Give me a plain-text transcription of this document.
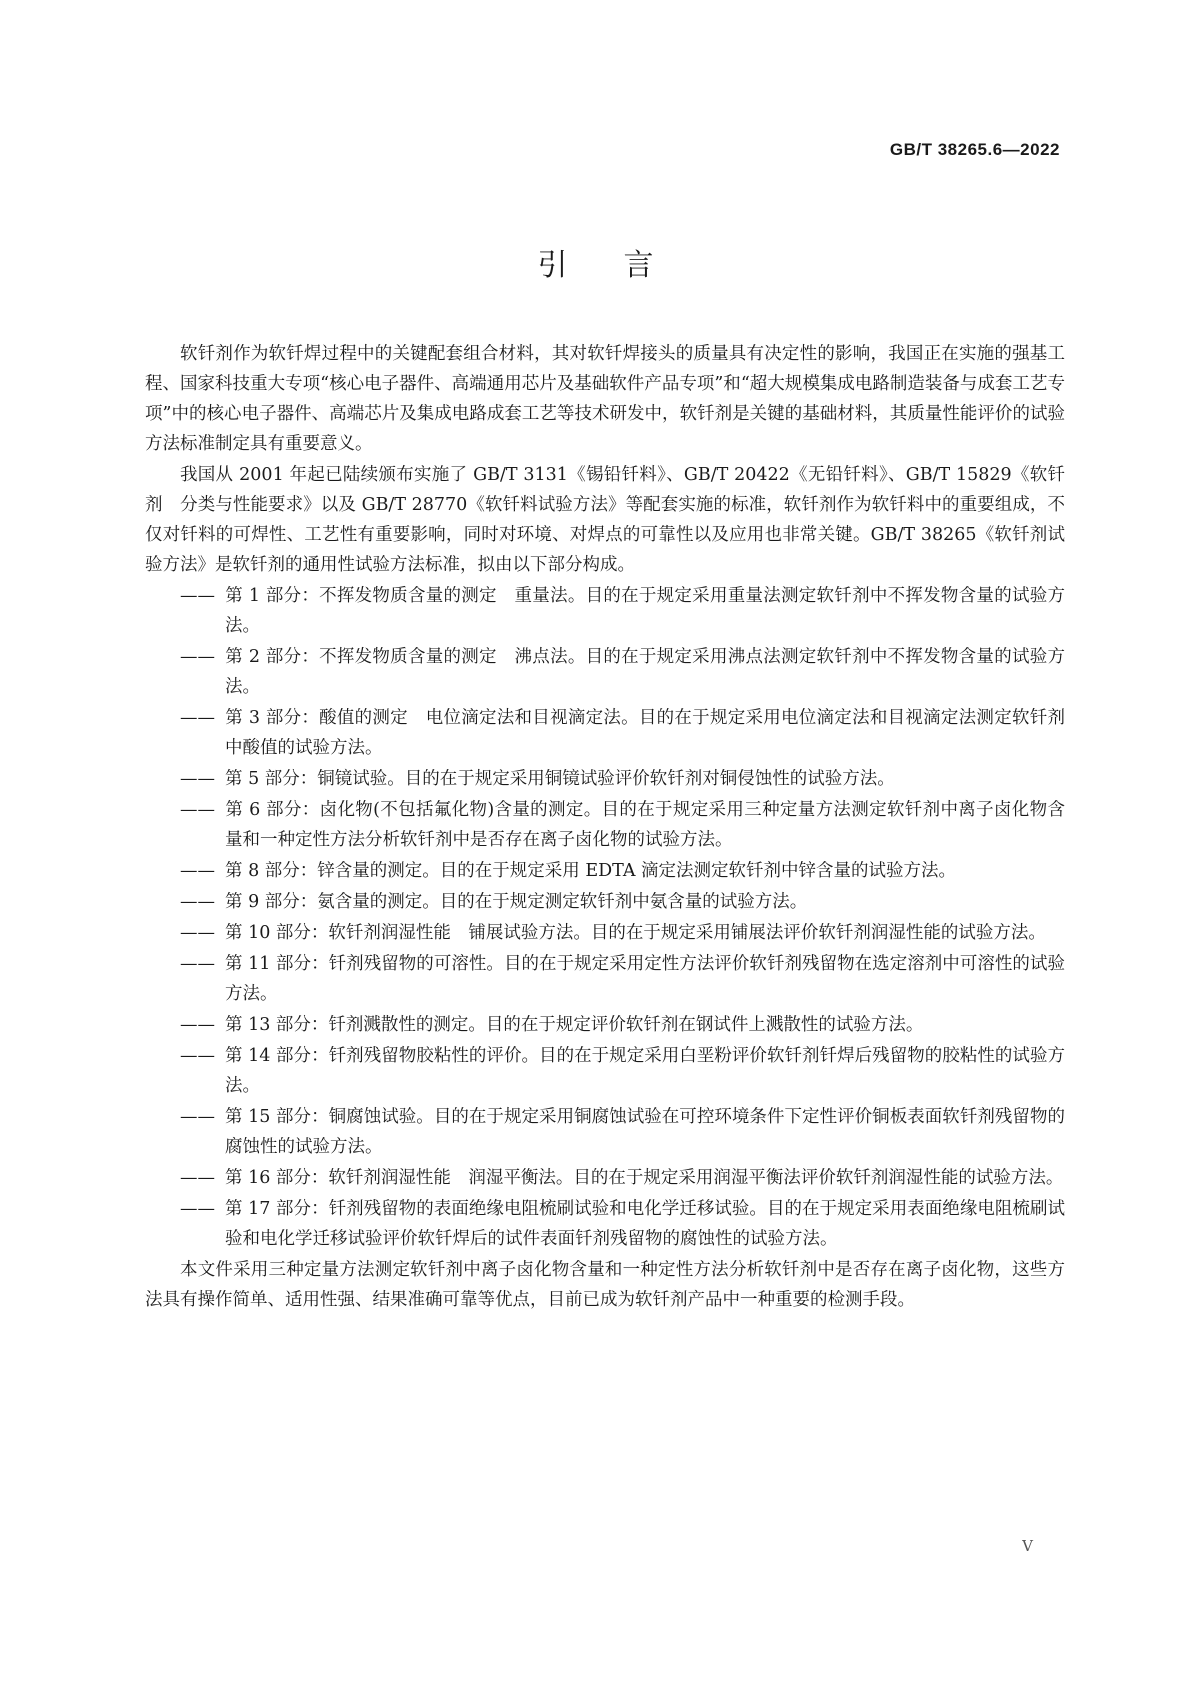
GB/T 38265.6—2022
引言

软钎剂作为软钎焊过程中的关键配套组合材料，其对软钎焊接头的质量具有决定性的影响，我国正在实施的强基工程、国家科技重大专项“核心电子器件、高端通用芯片及基础软件产品专项”和“超大规模集成电路制造装备与成套工艺专项”中的核心电子器件、高端芯片及集成电路成套工艺等技术研发中，软钎剂是关键的基础材料，其质量性能评价的试验方法标准制定具有重要意义。

我国从 2001 年起已陆续颁布实施了 GB/T 3131《锡铅钎料》、GB/T 20422《无铅钎料》、GB/T 15829《软钎剂　分类与性能要求》以及 GB/T 28770《软钎料试验方法》等配套实施的标准，软钎剂作为软钎料中的重要组成，不仅对钎料的可焊性、工艺性有重要影响，同时对环境、对焊点的可靠性以及应用也非常关键。GB/T 38265《软钎剂试验方法》是软钎剂的通用性试验方法标准，拟由以下部分构成。

—— 第 1 部分：不挥发物质含量的测定　重量法。目的在于规定采用重量法测定软钎剂中不挥发物含量的试验方法。
—— 第 2 部分：不挥发物质含量的测定　沸点法。目的在于规定采用沸点法测定软钎剂中不挥发物含量的试验方法。
—— 第 3 部分：酸值的测定　电位滴定法和目视滴定法。目的在于规定采用电位滴定法和目视滴定法测定软钎剂中酸值的试验方法。
—— 第 5 部分：铜镜试验。目的在于规定采用铜镜试验评价软钎剂对铜侵蚀性的试验方法。
—— 第 6 部分：卤化物(不包括氟化物)含量的测定。目的在于规定采用三种定量方法测定软钎剂中离子卤化物含量和一种定性方法分析软钎剂中是否存在离子卤化物的试验方法。
—— 第 8 部分：锌含量的测定。目的在于规定采用 EDTA 滴定法测定软钎剂中锌含量的试验方法。
—— 第 9 部分：氨含量的测定。目的在于规定测定软钎剂中氨含量的试验方法。
—— 第 10 部分：软钎剂润湿性能　铺展试验方法。目的在于规定采用铺展法评价软钎剂润湿性能的试验方法。
—— 第 11 部分：钎剂残留物的可溶性。目的在于规定采用定性方法评价软钎剂残留物在选定溶剂中可溶性的试验方法。
—— 第 13 部分：钎剂溅散性的测定。目的在于规定评价软钎剂在钢试件上溅散性的试验方法。
—— 第 14 部分：钎剂残留物胶粘性的评价。目的在于规定采用白垩粉评价软钎剂钎焊后残留物的胶粘性的试验方法。
—— 第 15 部分：铜腐蚀试验。目的在于规定采用铜腐蚀试验在可控环境条件下定性评价铜板表面软钎剂残留物的腐蚀性的试验方法。
—— 第 16 部分：软钎剂润湿性能　润湿平衡法。目的在于规定采用润湿平衡法评价软钎剂润湿性能的试验方法。
—— 第 17 部分：钎剂残留物的表面绝缘电阻梳刷试验和电化学迁移试验。目的在于规定采用表面绝缘电阻梳刷试验和电化学迁移试验评价软钎焊后的试件表面钎剂残留物的腐蚀性的试验方法。

本文件采用三种定量方法测定软钎剂中离子卤化物含量和一种定性方法分析软钎剂中是否存在离子卤化物，这些方法具有操作简单、适用性强、结果准确可靠等优点，目前已成为软钎剂产品中一种重要的检测手段。

V
